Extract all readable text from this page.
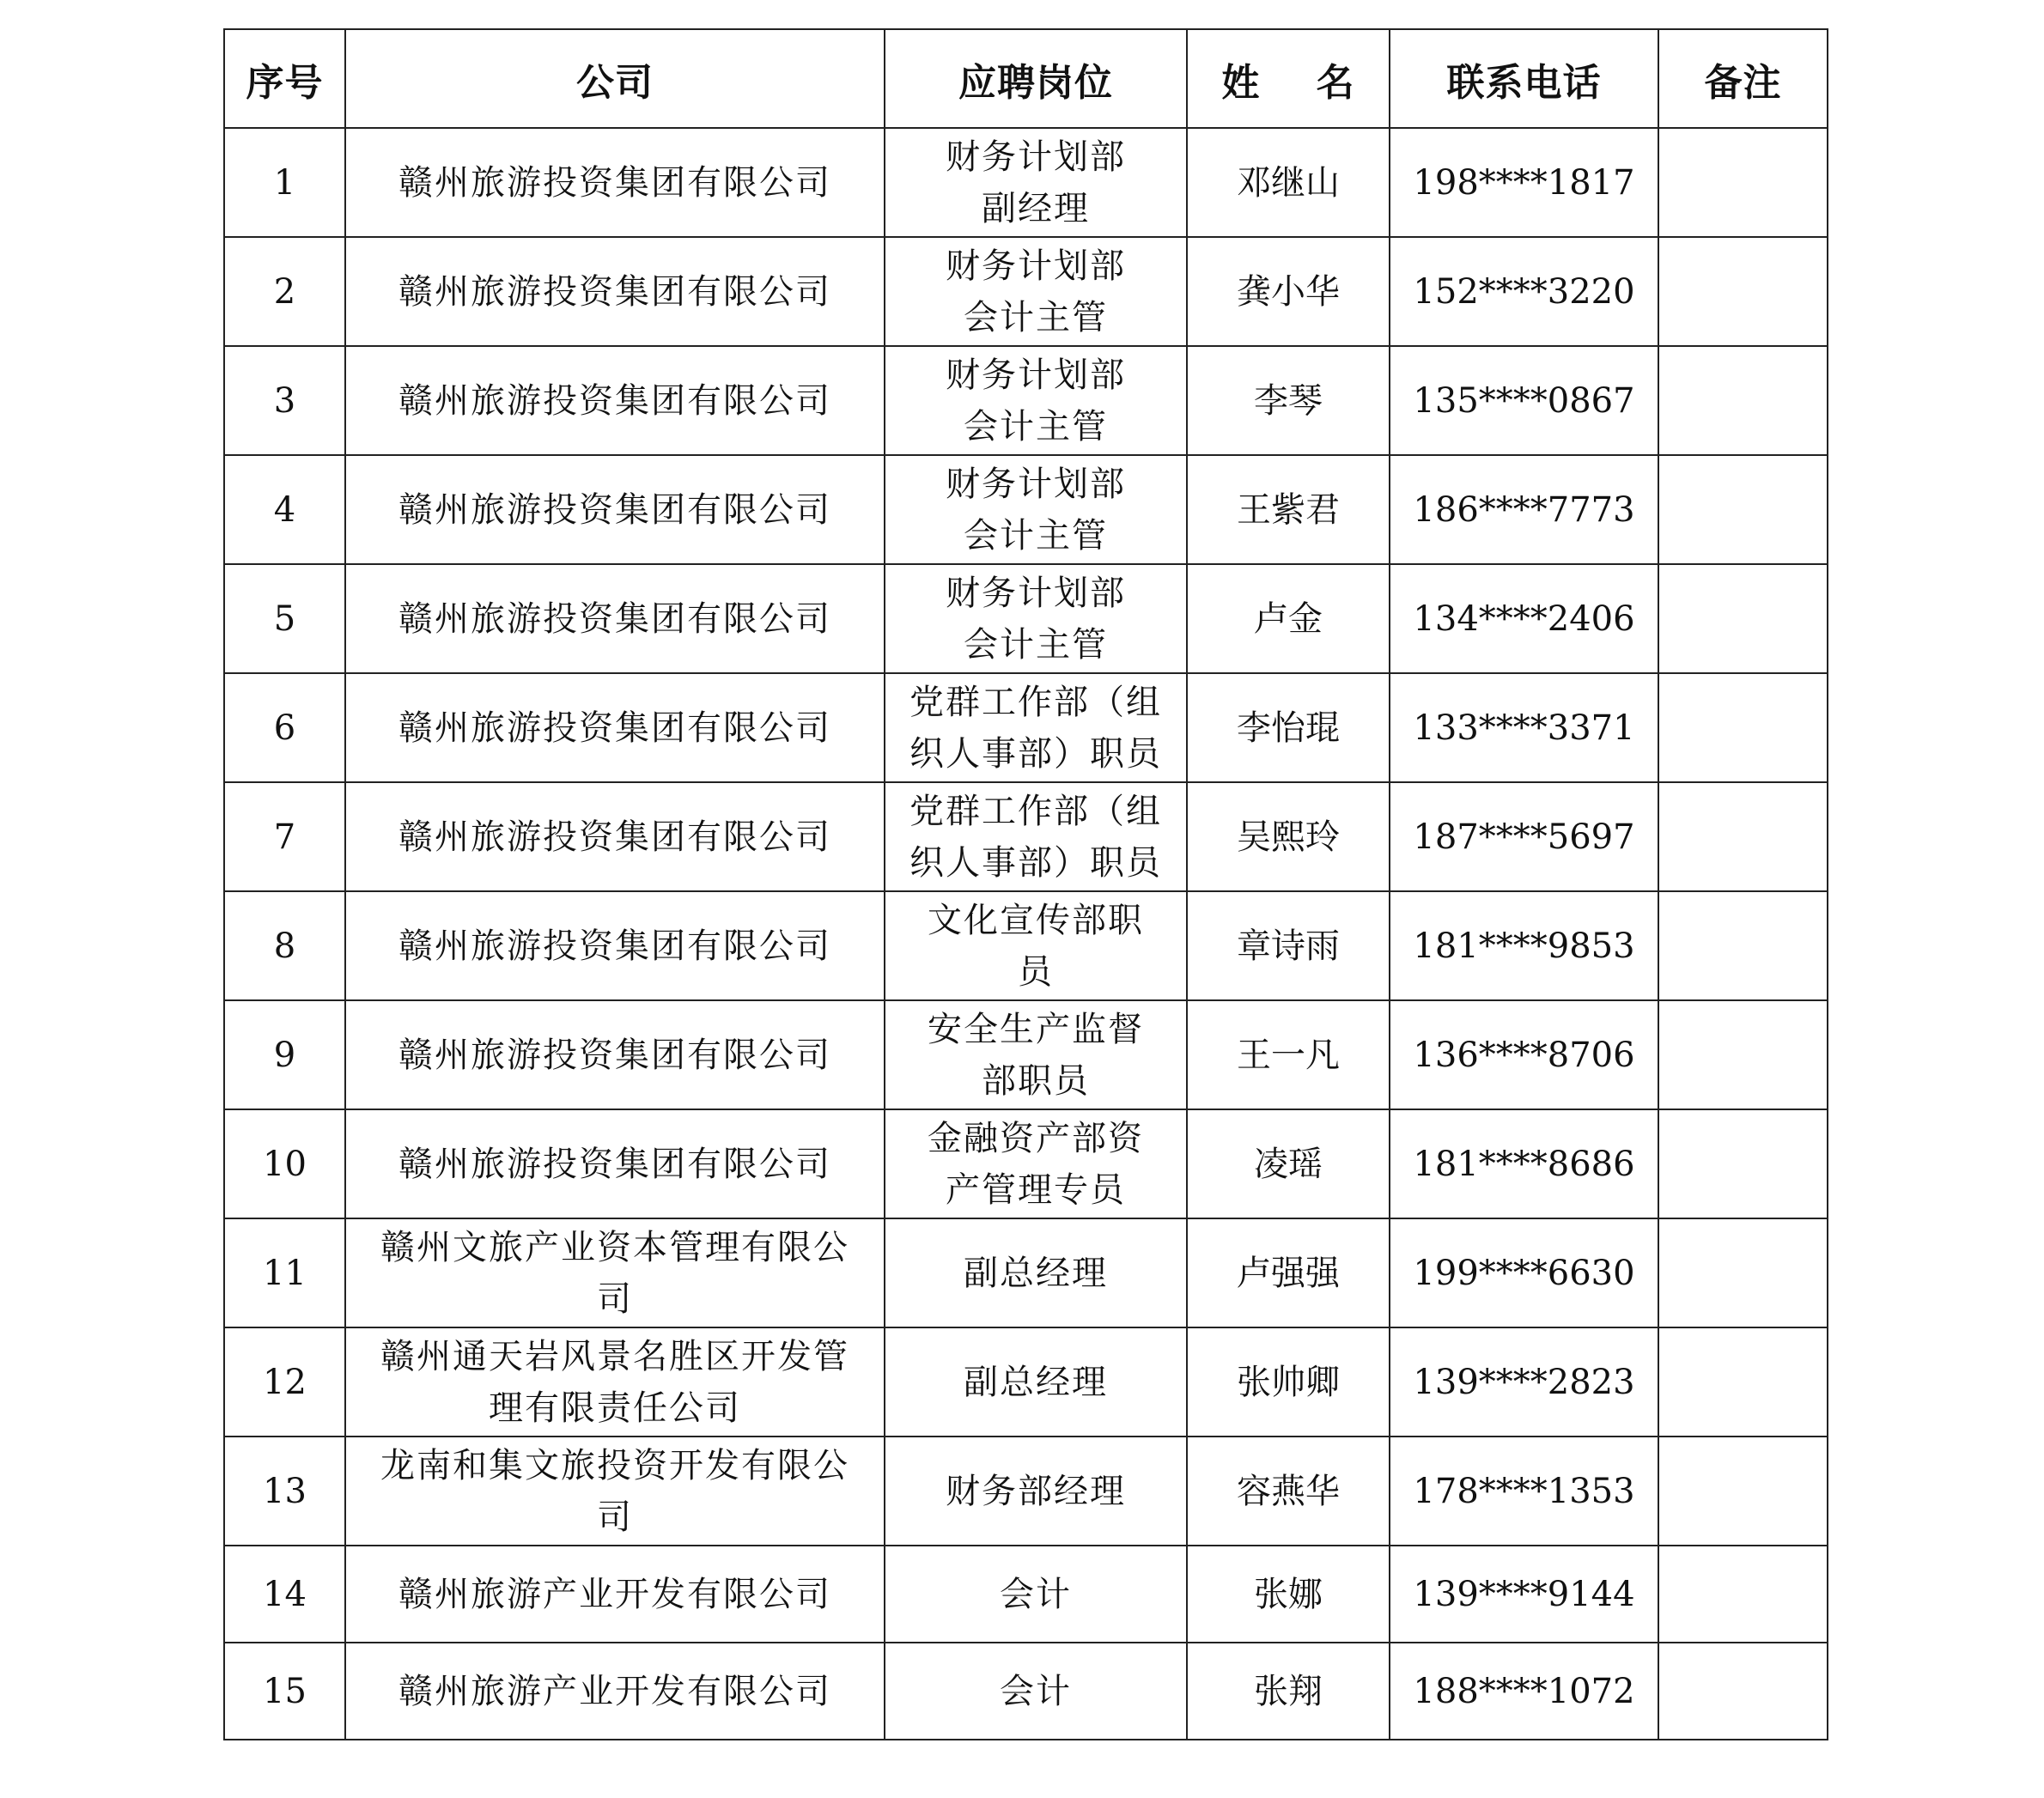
序号	公司	应聘岗位	姓    名	联系电话	备注
1	赣州旅游投资集团有限公司	财务计划部副经理	邓继山	198****1817	
2	赣州旅游投资集团有限公司	财务计划部会计主管	龚小华	152****3220	
3	赣州旅游投资集团有限公司	财务计划部会计主管	李琴	135****0867	
4	赣州旅游投资集团有限公司	财务计划部会计主管	王紫君	186****7773	
5	赣州旅游投资集团有限公司	财务计划部会计主管	卢金	134****2406	
6	赣州旅游投资集团有限公司	党群工作部（组织人事部）职员	李怡琨	133****3371	
7	赣州旅游投资集团有限公司	党群工作部（组织人事部）职员	吴熙玲	187****5697	
8	赣州旅游投资集团有限公司	文化宣传部职员	章诗雨	181****9853	
9	赣州旅游投资集团有限公司	安全生产监督部职员	王一凡	136****8706	
10	赣州旅游投资集团有限公司	金融资产部资产管理专员	凌瑶	181****8686	
11	赣州文旅产业资本管理有限公司	副总经理	卢强强	199****6630	
12	赣州通天岩风景名胜区开发管理有限责任公司	副总经理	张帅卿	139****2823	
13	龙南和集文旅投资开发有限公司	财务部经理	容燕华	178****1353	
14	赣州旅游产业开发有限公司	会计	张娜	139****9144	
15	赣州旅游产业开发有限公司	会计	张翔	188****1072	
